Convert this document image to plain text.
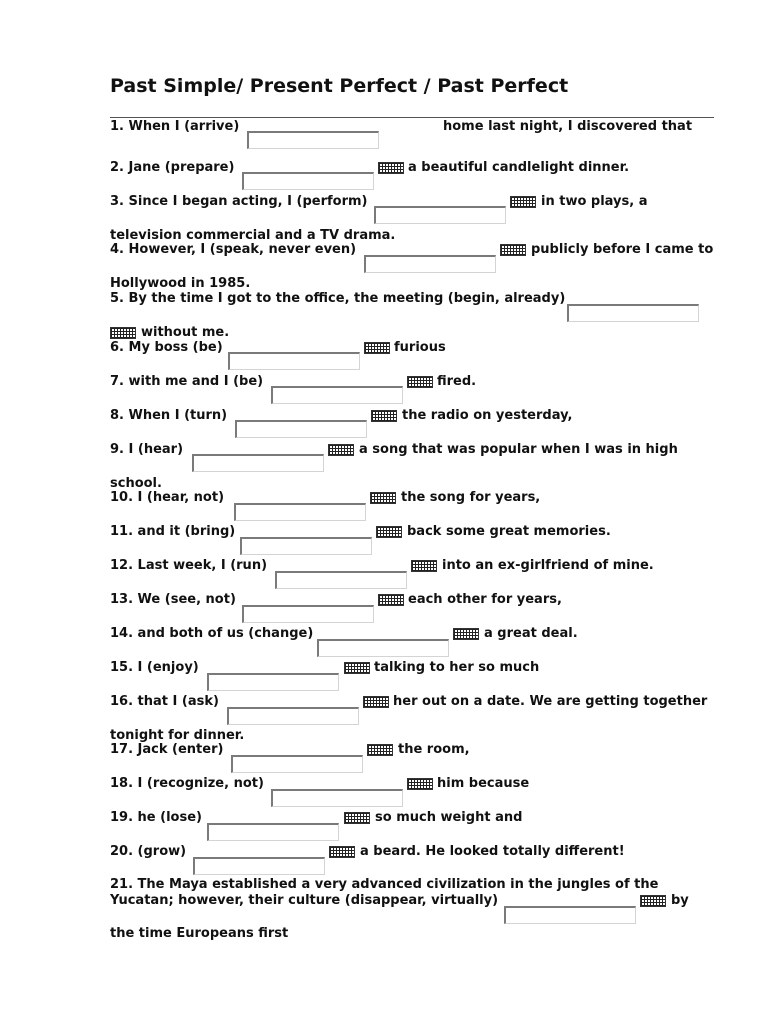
Past Simple/ Present Perfect / Past Perfect
1. When I (arrive)	home last night, I discovered that
2. Jane (prepare)	a beautiful candlelight dinner.
3. Since I began acting, I (perform)	in two plays, a
television commercial and a TV drama.
4. However, I (speak, never even)	publicly before I came to
Hollywood in 1985.
5. By the time I got to the office, the meeting (begin, already)
without me.
6. My boss (be)	furious
7. with me and I (be)	fired.
8. When I (turn)	the radio on yesterday,
9. I (hear)	a song that was popular when I was in high
school.
10. I (hear, not)	the song for years,
11. and it (bring)	back some great memories.
12. Last week, I (run)	into an ex-girlfriend of mine.
13. We (see, not)	each other for years,
14. and both of us (change)	a great deal.
15. I (enjoy)	talking to her so much
16. that I (ask)	her out on a date. We are getting together
tonight for dinner.
17. Jack (enter)	the room,
18. I (recognize, not)	him because
19. he (lose)	so much weight and
20. (grow)	a beard. He looked totally different!
21. The Maya established a very advanced civilization in the jungles of the
Yucatan; however, their culture (disappear, virtually)	by
the time Europeans first
